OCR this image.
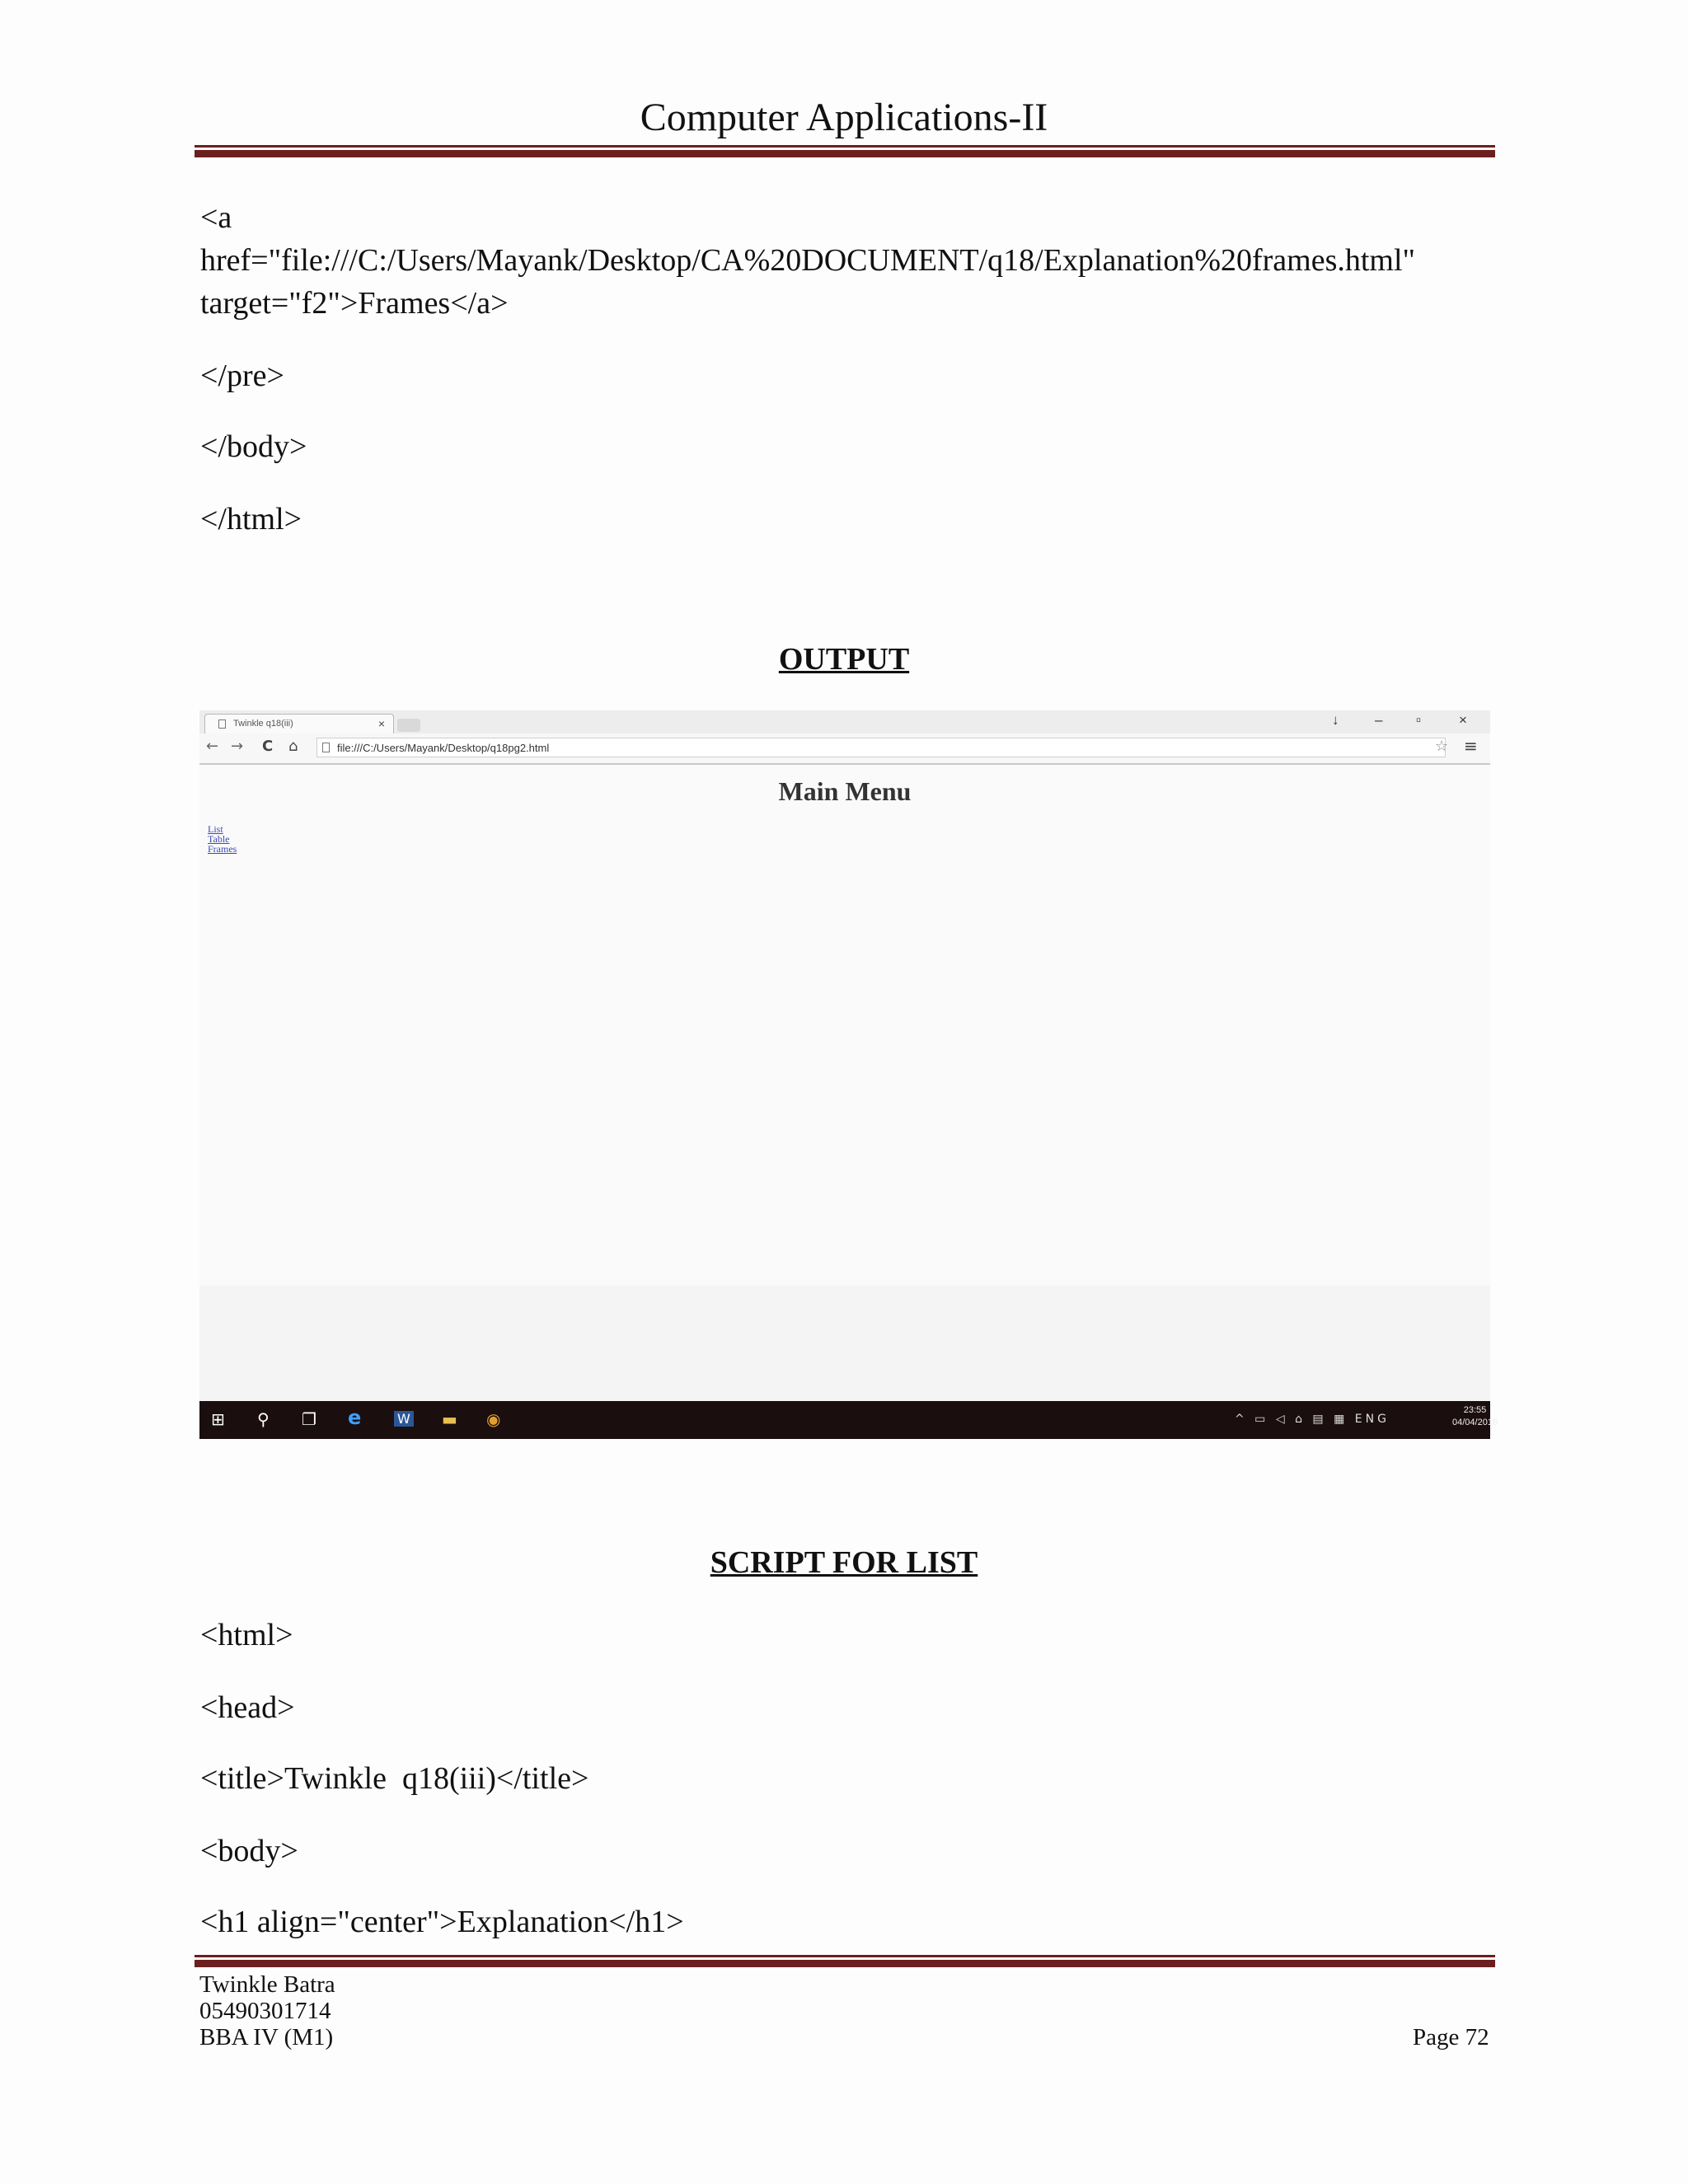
Computer Applications-II
<a
href="file:///C:/Users/Mayank/Desktop/CA%20DOCUMENT/q18/Explanation%20frames.html"
target="f2">Frames</a>
</pre>
</body>
</html>
OUTPUT
Twinkle q18(iii)	×	↓	– ▫	×
← → C ⌂	file:///C:/Users/Mayank/Desktop/q18pg2.html	☆ ≡
Main Menu
List
Table
Frames
⊞ ⚲ ❐ e	W ▬ ◉	^ ▭ ◁ ⌂ ▤ ▦ ENG
23:55
04/04/2016
SCRIPT FOR LIST
<html>
<head>
<title>Twinkle  q18(iii)</title>
<body>
<h1 align="center">Explanation</h1>
Twinkle Batra
05490301714
BBA IV (M1)	Page 72
